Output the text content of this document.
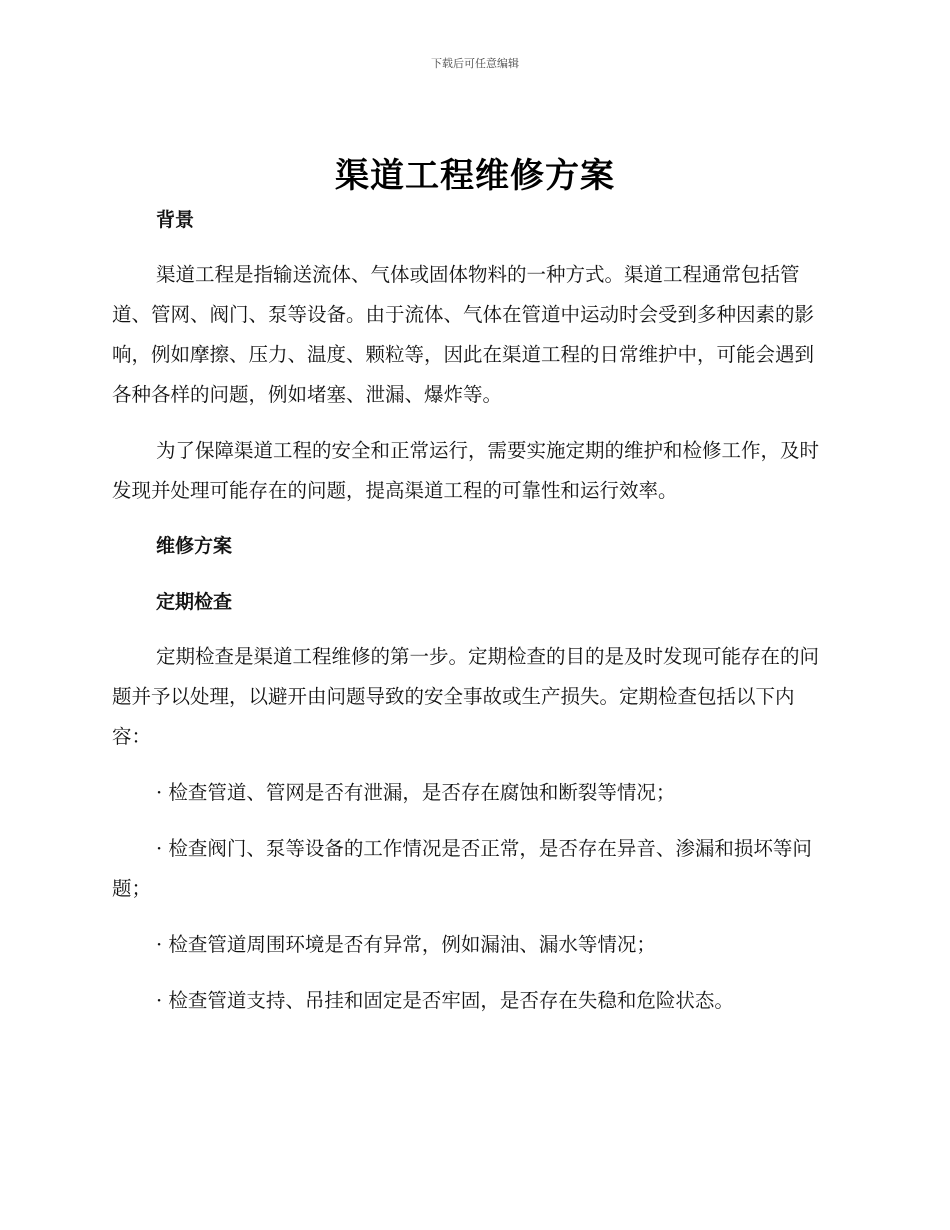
下载后可任意编辑
渠道工程维修方案
背景

渠道工程是指输送流体、气体或固体物料的一种方式。渠道工程通常包括管道、管网、阀门、泵等设备。由于流体、气体在管道中运动时会受到多种因素的影响，例如摩擦、压力、温度、颗粒等，因此在渠道工程的日常维护中，可能会遇到各种各样的问题，例如堵塞、泄漏、爆炸等。

为了保障渠道工程的安全和正常运行，需要实施定期的维护和检修工作，及时发现并处理可能存在的问题，提高渠道工程的可靠性和运行效率。

维修方案
定期检查

定期检查是渠道工程维修的第一步。定期检查的目的是及时发现可能存在的问题并予以处理，以避开由问题导致的安全事故或生产损失。定期检查包括以下内容：

· 检查管道、管网是否有泄漏，是否存在腐蚀和断裂等情况；

· 检查阀门、泵等设备的工作情况是否正常，是否存在异音、渗漏和损坏等问题；

· 检查管道周围环境是否有异常，例如漏油、漏水等情况；

· 检查管道支持、吊挂和固定是否牢固，是否存在失稳和危险状态。
